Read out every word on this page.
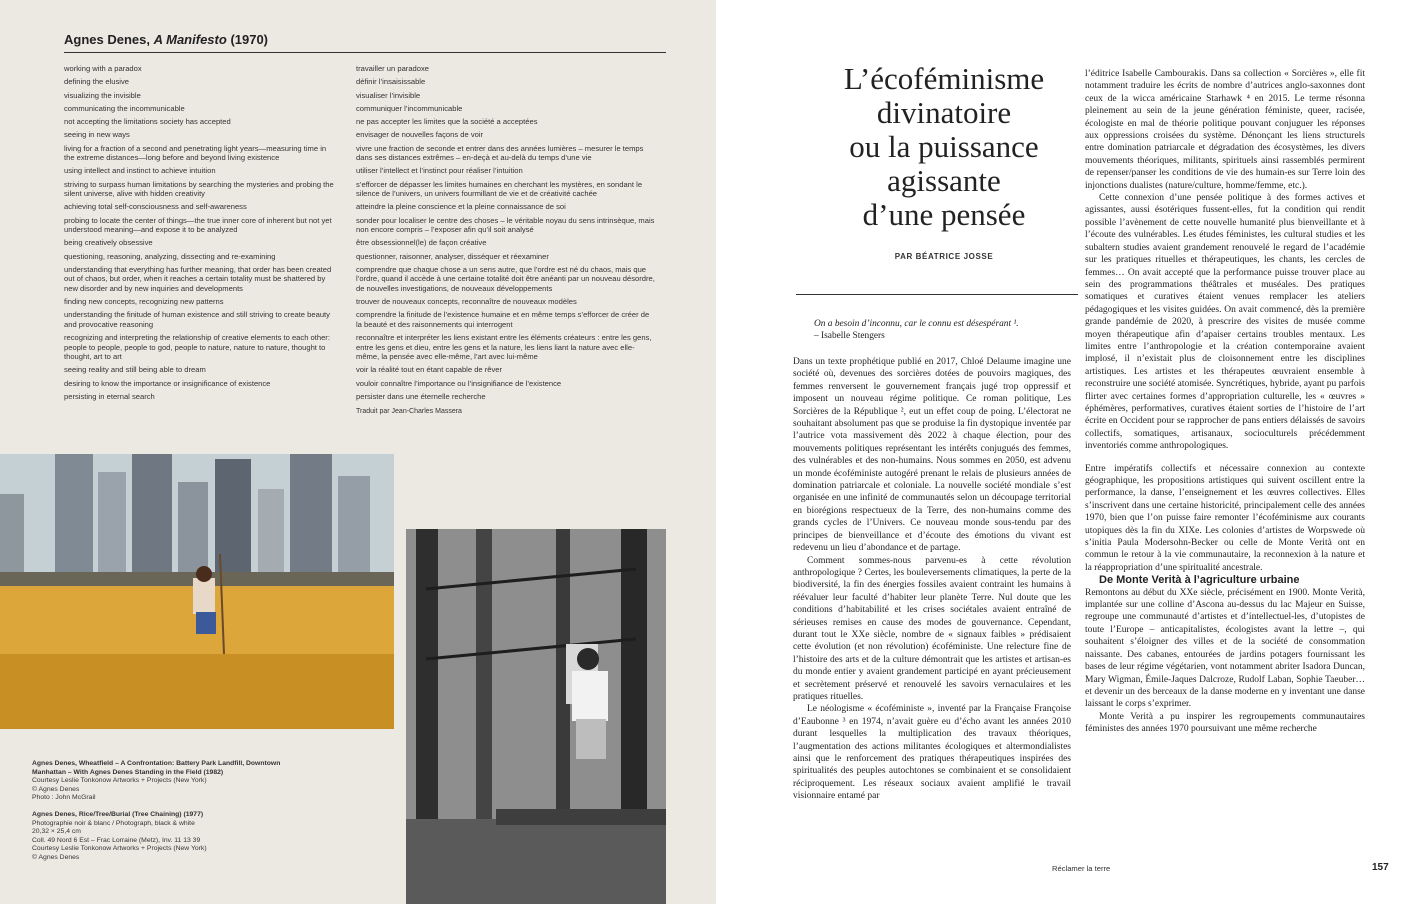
Agnes Denes, A Manifesto (1970)

working with a paradox

defining the elusive

visualizing the invisible

communicating the incommunicable

not accepting the limitations society has accepted

seeing in new ways

living for a fraction of a second and penetrating light years—measuring time in the extreme distances—long before and beyond living existence

using intellect and instinct to achieve intuition

striving to surpass human limitations by searching the mysteries and probing the silent universe, alive with hidden creativity

achieving total self-consciousness and self-awareness

probing to locate the center of things—the true inner core of inherent but not yet understood meaning—and expose it to be analyzed

being creatively obsessive

questioning, reasoning, analyzing, dissecting and re-examining

understanding that everything has further meaning, that order has been created out of chaos, but order, when it reaches a certain totality must be shattered by new disorder and by new inquiries and developments

finding new concepts, recognizing new patterns

understanding the finitude of human existence and still striving to create beauty and provocative reasoning

recognizing and interpreting the relationship of creative elements to each other: people to people, people to god, people to nature, nature to nature, thought to thought, art to art

seeing reality and still being able to dream

desiring to know the importance or insignificance of existence

persisting in eternal search

travailler un paradoxe

définir l’insaisissable

visualiser l’invisible

communiquer l’incommunicable

ne pas accepter les limites que la société a acceptées

envisager de nouvelles façons de voir

vivre une fraction de seconde et entrer dans des années lumières – mesurer le temps dans ses distances extrêmes – en-deçà et au-delà du temps d’une vie

utiliser l’intellect et l’instinct pour réaliser l’intuition

s’efforcer de dépasser les limites humaines en cherchant les mystères, en sondant le silence de l’univers, un univers fourmillant de vie et de créativité cachée

atteindre la pleine conscience et la pleine connaissance de soi

sonder pour localiser le centre des choses – le véritable noyau du sens intrinsèque, mais non encore compris – l’exposer afin qu’il soit analysé

être obsessionnel(le) de façon créative

questionner, raisonner, analyser, disséquer et réexaminer

comprendre que chaque chose a un sens autre, que l’ordre est né du chaos, mais que l’ordre, quand il accède à une certaine totalité doit être anéanti par un nouveau désordre, de nouvelles investigations, de nouveaux développements

trouver de nouveaux concepts, reconnaître de nouveaux modèles

comprendre la finitude de l’existence humaine et en même temps s’efforcer de créer de la beauté et des raisonnements qui interrogent

reconnaître et interpréter les liens existant entre les éléments créateurs : entre les gens, entre les gens et dieu, entre les gens et la nature, les liens liant la nature avec elle-même, la pensée avec elle-même, l’art avec lui-même

voir la réalité tout en étant capable de rêver

vouloir connaître l’importance ou l’insignifiance de l’existence

persister dans une éternelle recherche

Traduit par Jean-Charles Massera

Agnes Denes, Wheatfield – A Confrontation: Battery Park Landfill, Downtown Manhattan – With Agnes Denes Standing in the Field (1982)

Courtesy Leslie Tonkonow Artworks + Projects (New York)
© Agnes Denes
Photo : John McGrail

Agnes Denes, Rice/Tree/Burial (Tree Chaining) (1977)

Photographie noir & blanc / Photograph, black & white
20,32 × 25,4 cm
Coll. 49 Nord 6 Est – Frac Lorraine (Metz), Inv. 11 13 39
Courtesy Leslie Tonkonow Artworks + Projects (New York)
© Agnes Denes
L’écoféminisme
divinatoire
ou la puissance
agissante
d’une pensée
PAR BÉATRICE JOSSE

On a besoin d’inconnu, car le connu est désespérant ¹.

– Isabelle Stengers

Dans un texte prophétique publié en 2017, Chloé Delaume imagine une société où, devenues des sorcières dotées de pouvoirs magiques, des femmes renversent le gouvernement français jugé trop oppressif et imposent un nouveau régime politique. Ce roman politique, Les Sorcières de la République ², eut un effet coup de poing. L’électorat ne souhaitant absolument pas que se produise la fin dystopique inventée par l’autrice vota massivement dès 2022 à chaque élection, pour des mouvements politiques représentant les intérêts conjugués des femmes, des vulnérables et des non-humains. Nous sommes en 2050, est advenu un monde écoféministe autogéré prenant le relais de plusieurs années de domination patriarcale et coloniale. La nouvelle société mondiale s’est organisée en une infinité de communautés selon un découpage territorial en biorégions respectueux de la Terre, des non-humains comme des grands cycles de l’Univers. Ce nouveau monde sous-tendu par des principes de bienveillance et d’écoute des émotions du vivant est redevenu un lieu d’abondance et de partage.

Comment sommes-nous parvenu-es à cette révolution anthropologique ? Certes, les bouleversements climatiques, la perte de la biodiversité, la fin des énergies fossiles avaient contraint les humains à réévaluer leur faculté d’habiter leur planète Terre. Nul doute que les conditions d’habitabilité et les crises sociétales avaient entraîné de sérieuses remises en cause des modes de gouvernance. Cependant, durant tout le XXe siècle, nombre de « signaux faibles » prédisaient cette évolution (et non révolution) écoféministe. Une relecture fine de l’histoire des arts et de la culture démontrait que les artistes et artisan-es du monde entier y avaient grandement participé en ayant précieusement et secrètement préservé et renouvelé les savoirs vernaculaires et les pratiques rituelles.

Le néologisme « écoféministe », inventé par la Française Françoise d’Eaubonne ³ en 1974, n’avait guère eu d’écho avant les années 2010 durant lesquelles la multiplication des travaux théoriques, l’augmentation des actions militantes écologiques et altermondialistes ainsi que le renforcement des pratiques thérapeutiques inspirées des spiritualités des peuples autochtones se combinaient et se consolidaient réciproquement. Les réseaux sociaux avaient amplifié le travail visionnaire entamé par

l’éditrice Isabelle Cambourakis. Dans sa collection « Sorcières », elle fit notamment traduire les écrits de nombre d’autrices anglo-saxonnes dont ceux de la wicca américaine Starhawk ⁴ en 2015. Le terme résonna pleinement au sein de la jeune génération féministe, queer, racisée, écologiste en mal de théorie politique pouvant conjuguer les réponses aux oppressions croisées du système. Dénonçant les liens structurels entre domination patriarcale et dégradation des écosystèmes, les divers mouvements théoriques, militants, spirituels ainsi rassemblés permirent de repenser/panser les conditions de vie des humain-es sur Terre loin des injonctions dualistes (nature/culture, homme/femme, etc.).

Cette connexion d’une pensée politique à des formes actives et agissantes, aussi ésotériques fussent-elles, fut la condition qui rendit possible l’avènement de cette nouvelle humanité plus bienveillante et à l’écoute des vulnérables. Les études féministes, les cultural studies et les subaltern studies avaient grandement renouvelé le regard de l’académie sur les pratiques rituelles et thérapeutiques, les chants, les cercles de femmes… On avait accepté que la performance puisse trouver place au sein des programmations théâtrales et muséales. Des pratiques somatiques et curatives étaient venues remplacer les ateliers pédagogiques et les visites guidées. On avait commencé, dès la première grande pandémie de 2020, à prescrire des visites de musée comme moyen thérapeutique afin d’apaiser certains troubles mentaux. Les limites entre l’anthropologie et la création contemporaine avaient implosé, il n’existait plus de cloisonnement entre les disciplines artistiques. Les artistes et les thérapeutes œuvraient ensemble à reconstruire une société atomisée. Syncrétiques, hybride, ayant pu parfois flirter avec certaines formes d’appropriation culturelle, les « œuvres » éphémères, performatives, curatives étaient sorties de l’histoire de l’art écrite en Occident pour se rapprocher de pans entiers délaissés de savoirs collectifs, somatiques, artisanaux, socioculturels précédemment inventoriés comme anthropologiques.

Entre impératifs collectifs et nécessaire connexion au contexte géographique, les propositions artistiques qui suivent oscillent entre la performance, la danse, l’enseignement et les œuvres collectives. Elles s’inscrivent dans une certaine historicité, principalement celle des années 1970, bien que l’on puisse faire remonter l’écoféminisme aux courants utopiques dès la fin du XIXe. Les colonies d’artistes de Worpswede où s’initia Paula Modersohn-Becker ou celle de Monte Verità ont en commun le retour à la vie communautaire, la reconnexion à la nature et la réappropriation d’une spiritualité ancestrale.

De Monte Verità à l’agriculture urbaine

Remontons au début du XXe siècle, précisément en 1900. Monte Verità, implantée sur une colline d’Ascona au-dessus du lac Majeur en Suisse, regroupe une communauté d’artistes et d’intellectuel-les, d’utopistes de toute l’Europe – anticapitalistes, écologistes avant la lettre –, qui souhaitent s’éloigner des villes et de la société de consommation naissante. Des cabanes, entourées de jardins potagers fournissant les bases de leur régime végétarien, vont notamment abriter Isadora Duncan, Mary Wigman, Émile-Jaques Dalcroze, Rudolf Laban, Sophie Taeuber… et devenir un des berceaux de la danse moderne en y inventant une danse laissant le corps s’exprimer.

Monte Verità a pu inspirer les regroupements communautaires féministes des années 1970 poursuivant une même recherche

Réclamer la terre	157
